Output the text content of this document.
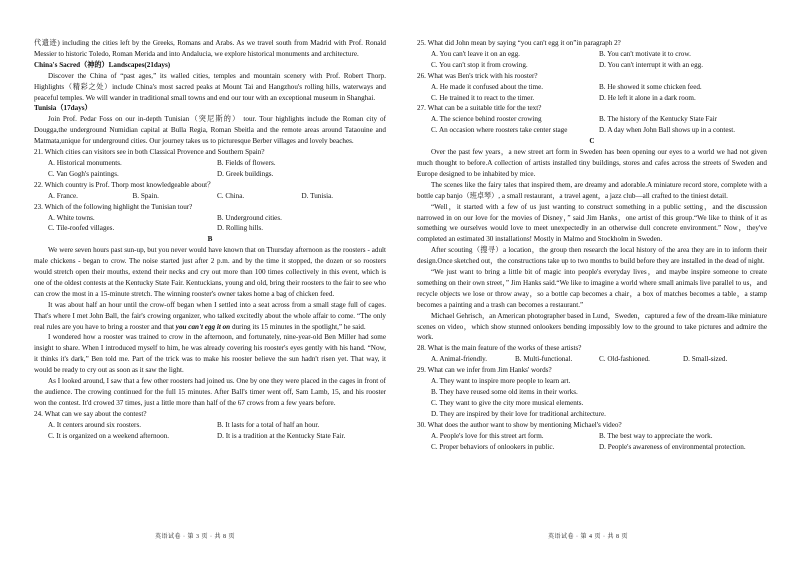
代遗迹) including the cities left by the Greeks, Romans and Arabs. As we travel south from Madrid with Prof. Ronald Messier to historic Toledo, Roman Merida and into Andalucia, we explore historical monuments and architecture.

China's Sacred（神的）Landscapes(21days)

Discover the China of “past ages,” its walled cities, temples and mountain scenery with Prof. Robert Thorp. Highlights（精彩之处）include China's most sacred peaks at Mount Tai and Hangzhou's rolling hills, waterways and peaceful temples. We will wander in traditional small towns and end our tour with an exceptional museum in Shanghai.

Tunisia（17days）

Join Prof. Pedar Foss on our in-depth Tunisian（突尼斯的） tour. Tour highlights include the Roman city of Dougga,the underground Numidian capital at Bulla Regia, Roman Sbeitla and the remote areas around Tataouine and Matmata,unique for underground cities. Our journey takes us to picturesque Berber villages and lovely beaches.

21. Which cities can visitors see in both Classical Provence and Southern Spain?

A. Historical monuments.	B. Fields of flowers.
C. Van Gogh's paintings.	D. Greek buildings.

22. Which country is Prof. Thorp most knowledgeable about？

A. France.	B. Spain.	C. China.	D. Tunisia.

23. Which of the following highlight the Tunisian tour?

A. White towns.	B. Underground cities.
C. Tile-roofed villages.	D. Rolling hills.

B

We were seven hours past sun-up, but you never would have known that on Thursday afternoon as the roosters - adult male chickens - began to crow. The noise started just after 2 p.m. and by the time it stopped, the dozen or so roosters would stretch open their mouths, extend their necks and cry out more than 100 times collectively in this event, which is one of the oldest contests at the Kentucky State Fair. Kentuckians, young and old, bring their roosters to the fair to see who can crow the most in a 15-minute stretch. The winning rooster's owner takes home a bag of chicken feed.

It was about half an hour until the crow-off began when I settled into a seat across from a small stage full of cages. That's where I met John Ball, the fair's crowing organizer, who talked excitedly about the whole affair to come. “The only real rules are you have to bring a rooster and that you can't egg it on during its 15 minutes in the spotlight,” he said.

I wondered how a rooster was trained to crow in the afternoon, and fortunately, nine-year-old Ben Miller had some insight to share. When I introduced myself to him, he was already covering his rooster's eyes gently with his hand. “Now, it thinks it's dark,” Ben told me. Part of the trick was to make his rooster believe the sun hadn't risen yet. That way, it would be ready to cry out as soon as it saw the light.

As I looked around, I saw that a few other roosters had joined us. One by one they were placed in the cages in front of the audience. The crowing continued for the full 15 minutes. After Ball's timer went off, Sam Lamb, 15, and his rooster won the contest. It'd crowed 37 times, just a little more than half of the 67 crows from a few years before.

24. What can we say about the contest?

A. It centers around six roosters.	B. It lasts for a total of half an hour.
C. It is organized on a weekend afternoon.	D. It is a tradition at the Kentucky State Fair.

25. What did John mean by saying “you can't egg it on”in paragraph 2?

A. You can't leave it on an egg.	B. You can't motivate it to crow.
C. You can't stop it from crowing.	D. You can't interrupt it with an egg.

26. What was Ben's trick with his rooster?

A. He made it confused about the time.	B. He showed it some chicken feed.
C. He trained it to react to the timer.	D. He left it alone in a dark room.

27. What can be a suitable title for the text?

A. The science behind rooster crowing	B. The history of the Kentucky State Fair
C. An occasion where roosters take center stage	D. A day when John Ball shows up in a contest.

C

Over the past few years，a new street art form in Sweden has been opening our eyes to a world we had not given much thought to before.A collection of artists installed tiny buildings, stores and cafes across the streets of Sweden and Europe designed to be inhabited by mice.

The scenes like the fairy tales that inspired them, are dreamy and adorable.A miniature record store, complete with a bottle cap banjo（班卓琴）, a small restaurant，a travel agent，a jazz club—all crafted to the tiniest detail.

“Well，it started with a few of us just wanting to construct something in a public setting，and the discussion narrowed in on our love for the movies of Disney，” said Jim Hanks，one artist of this group.“We like to think of it as something we ourselves would love to meet unexpectedly in an otherwise dull concrete environment.” Now，they've completed an estimated 30 installations! Mostly in Malmo and Stockholm in Sweden.

After scouting（搜寻）a location，the group then research the local history of the area they are in to inform their design.Once sketched out，the constructions take up to two months to build before they are installed in the dead of night.

“We just want to bring a little bit of magic into people's everyday lives，and maybe inspire someone to create something on their own street，” Jim Hanks said.“We like to imagine a world where small animals live parallel to us，and recycle objects we lose or throw away，so a bottle cap becomes a chair，a box of matches becomes a table，a stamp becomes a painting and a trash can becomes a restaurant.”

Michael Gehrisch，an American photographer based in Lund，Sweden，captured a few of the dream-like miniature scenes on video，which show stunned onlookers bending impossibly low to the ground to take pictures and admire the work.

28. What is the main feature of the works of these artists?

A. Animal-friendly.	B. Multi-functional.	C. Old-fashioned.	D. Small-sized.

29. What can we infer from Jim Hanks' words?

A. They want to inspire more people to learn art.
B. They have reused some old items in their works.
C. They want to give the city more musical elements.
D. They are inspired by their love for traditional architecture.

30. What does the author want to show by mentioning Michael's video?

A. People's love for this street art form.	B. The best way to appreciate the work.
C. Proper behaviors of onlookers in public.	D. People's awareness of environmental protection.
英语试卷 · 第 3 页 · 共 8 页	英语试卷 · 第 4 页 · 共 8 页
